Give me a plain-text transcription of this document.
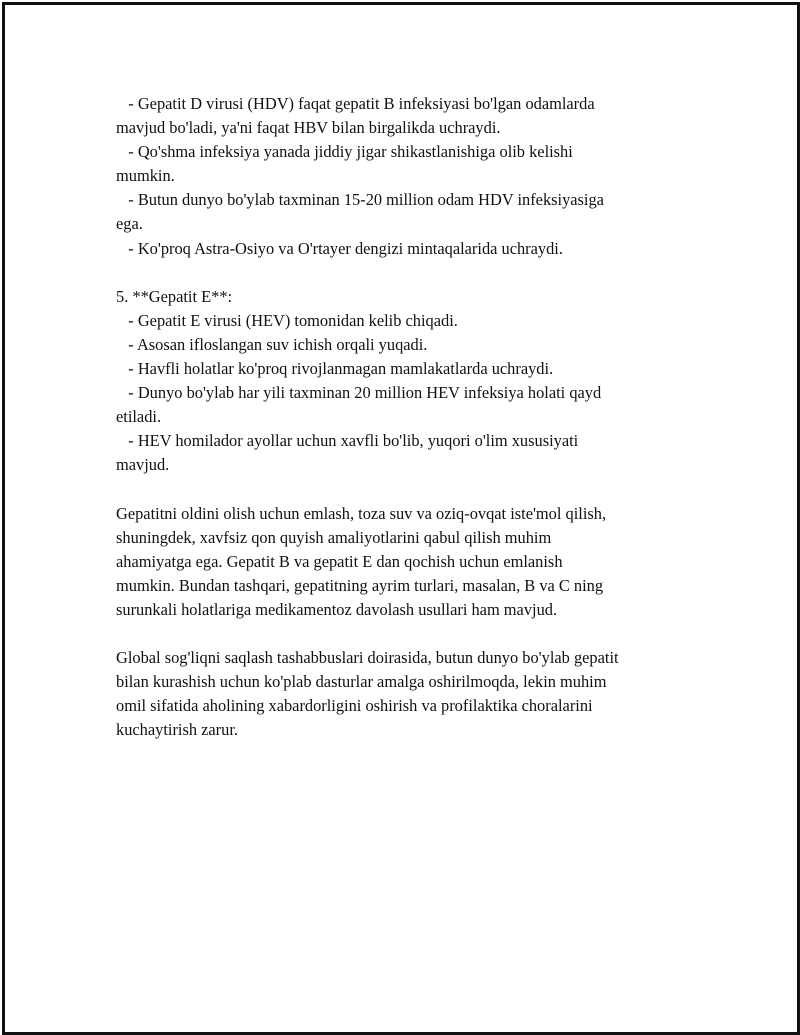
- Gepatit D virusi (HDV) faqat gepatit B infeksiyasi bo'lgan odamlarda
mavjud bo'ladi, ya'ni faqat HBV bilan birgalikda uchraydi.
- Qo'shma infeksiya yanada jiddiy jigar shikastlanishiga olib kelishi
mumkin.
- Butun dunyo bo'ylab taxminan 15-20 million odam HDV infeksiyasiga
ega.
- Ko'proq Astra-Osiyo va O'rtayer dengizi mintaqalarida uchraydi.
5. **Gepatit E**:
- Gepatit E virusi (HEV) tomonidan kelib chiqadi.
- Asosan ifloslangan suv ichish orqali yuqadi.
- Havfli holatlar ko'proq rivojlanmagan mamlakatlarda uchraydi.
- Dunyo bo'ylab har yili taxminan 20 million HEV infeksiya holati qayd
etiladi.
- HEV homilador ayollar uchun xavfli bo'lib, yuqori o'lim xususiyati
mavjud.
Gepatitni oldini olish uchun emlash, toza suv va oziq-ovqat iste'mol qilish,
shuningdek, xavfsiz qon quyish amaliyotlarini qabul qilish muhim
ahamiyatga ega. Gepatit B va gepatit E dan qochish uchun emlanish
mumkin. Bundan tashqari, gepatitning ayrim turlari, masalan, B va C ning
surunkali holatlariga medikamentoz davolash usullari ham mavjud.
Global sog'liqni saqlash tashabbuslari doirasida, butun dunyo bo'ylab gepatit
bilan kurashish uchun ko'plab dasturlar amalga oshirilmoqda, lekin muhim
omil sifatida aholining xabardorligini oshirish va profilaktika choralarini
kuchaytirish zarur.
